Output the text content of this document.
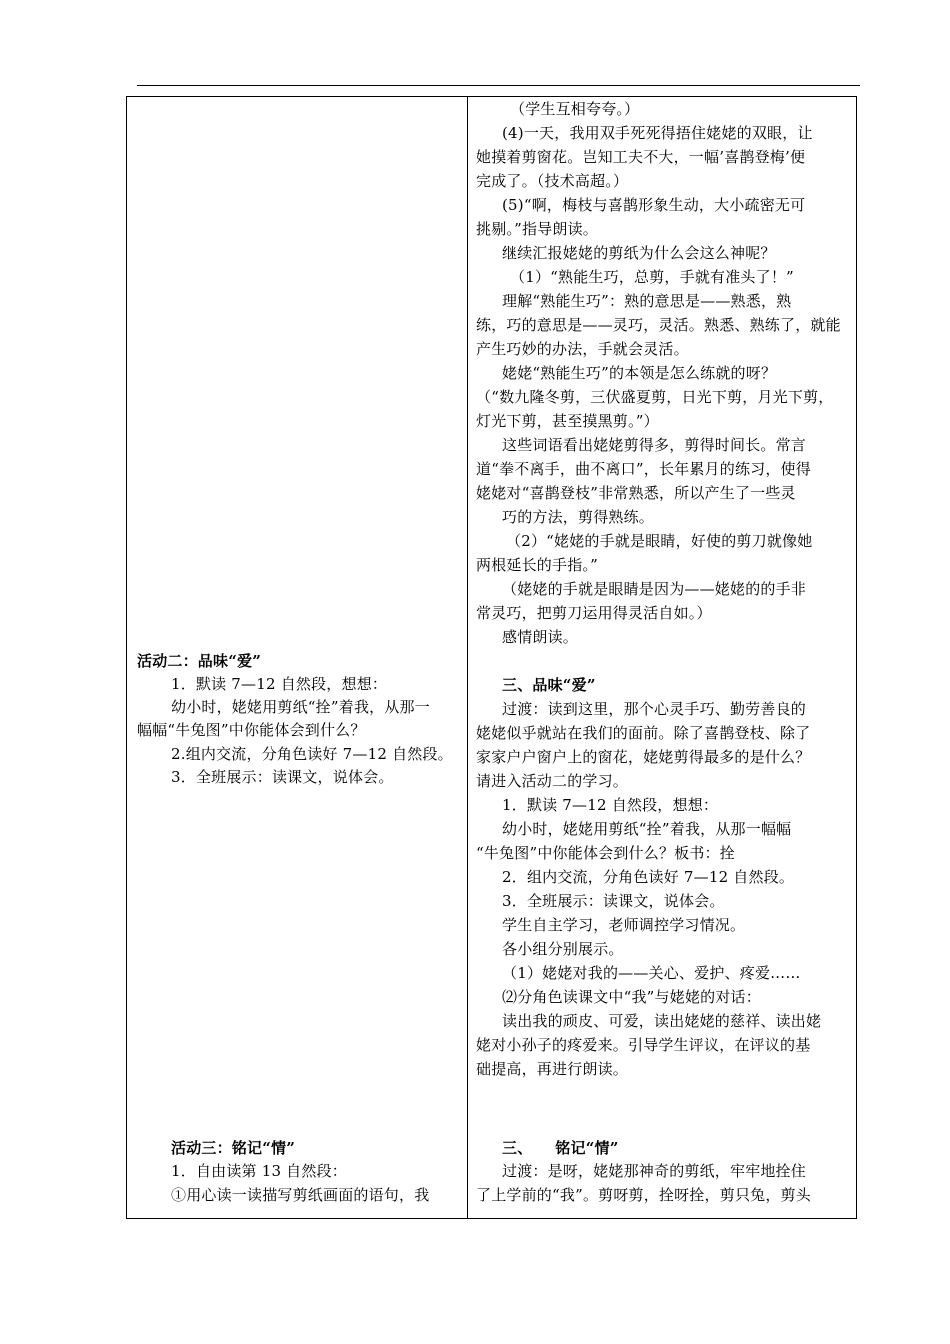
活动二：品味“爱”

1．默读 7—12 自然段，想想：

幼小时，姥姥用剪纸“拴”着我，从那一

幅幅“牛兔图”中你能体会到什么？

2.组内交流，分角色读好 7—12 自然段。

3．全班展示：读课文，说体会。

活动三：铭记“情”

1．自由读第 13 自然段：

①用心读一读描写剪纸画面的语句，我

（学生互相夸夸。）

(4)一天，我用双手死死得捂住姥姥的双眼，让

她摸着剪窗花。岂知工夫不大，一幅’喜鹊登梅’便

完成了。（技术高超。）

(5)“啊，梅枝与喜鹊形象生动，大小疏密无可

挑剔。”指导朗读。

继续汇报姥姥的剪纸为什么会这么神呢？

（1）“熟能生巧，总剪，手就有准头了！”

理解“熟能生巧”：熟的意思是——熟悉，熟

练，巧的意思是——灵巧，灵活。熟悉、熟练了，就能

产生巧妙的办法，手就会灵活。

姥姥“熟能生巧”的本领是怎么练就的呀？

（“数九隆冬剪，三伏盛夏剪，日光下剪，月光下剪，

灯光下剪，甚至摸黑剪。”）

这些词语看出姥姥剪得多，剪得时间长。常言

道“拳不离手，曲不离口”，长年累月的练习，使得

姥姥对“喜鹊登枝”非常熟悉，所以产生了一些灵

巧的方法，剪得熟练。

（2）“姥姥的手就是眼睛，好使的剪刀就像她

两根延长的手指。”

（姥姥的手就是眼睛是因为——姥姥的的手非

常灵巧，把剪刀运用得灵活自如。）

感情朗读。

三、品味“爱”

过渡：读到这里，那个心灵手巧、勤劳善良的

姥姥似乎就站在我们的面前。除了喜鹊登枝、除了

家家户户窗户上的窗花，姥姥剪得最多的是什么？

请进入活动二的学习。

1．默读 7—12 自然段，想想：

幼小时，姥姥用剪纸“拴”着我，从那一幅幅

“牛兔图”中你能体会到什么？板书：拴

2．组内交流，分角色读好 7—12 自然段。

3．全班展示：读课文，说体会。

学生自主学习，老师调控学习情况。

各小组分别展示。

（1）姥姥对我的——关心、爱护、疼爱……

⑵分角色读课文中“我”与姥姥的对话：

读出我的顽皮、可爱，读出姥姥的慈祥、读出姥

姥对小孙子的疼爱来。引导学生评议，在评议的基

础提高，再进行朗读。

三、　　铭记“情”

过渡：是呀，姥姥那神奇的剪纸，牢牢地拴住

了上学前的“我”。剪呀剪，拴呀拴，剪只兔，剪头
